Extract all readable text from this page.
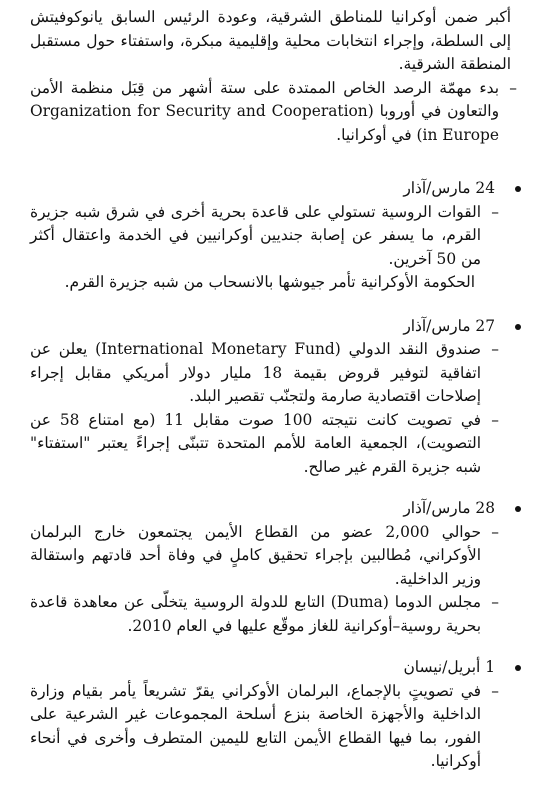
أكبر ضمن أوكرانيا للمناطق الشرقية، وعودة الرئيس السابق يانوكوفيتش إلى السلطة، وإجراء انتخابات محلية وإقليمية مبكرة، واستفتاء حول مستقبل المنطقة الشرقية.
–
بدء مهمّة الرصد الخاص الممتدة على ستة أشهر من قِبَل منظمة الأمن والتعاون في أوروبا (Organization for Security and Cooperation in Europe) في أوكرانيا.
24 مارس/آذار
–
القوات الروسية تستولي على قاعدة بحرية أخرى في شرق شبه جزيرة القرم، ما يسفر عن إصابة جنديين أوكرانيين في الخدمة واعتقال أكثر من 50 آخرين.
الحكومة الأوكرانية تأمر جيوشها بالانسحاب من شبه جزيرة القرم.
27 مارس/آذار
–
صندوق النقد الدولي (International Monetary Fund) يعلن عن اتفاقية لتوفير قروض بقيمة 18 مليار دولار أمريكي مقابل إجراء إصلاحات اقتصادية صارمة ولتجنّب تقصير البلد.
–
في تصويت كانت نتيجته 100 صوت مقابل 11 (مع امتناع 58 عن التصويت)، الجمعية العامة للأمم المتحدة تتبنّى إجراءً يعتبر "استفتاء" شبه جزيرة القرم غير صالح.
28 مارس/آذار
–
حوالي 2,000 عضو من القطاع الأيمن يجتمعون خارج البرلمان الأوكراني، مُطالبين بإجراء تحقيق كاملٍ في وفاة أحد قادتهم واستقالة وزير الداخلية.
–
مجلس الدوما (Duma) التابع للدولة الروسية يتخلّى عن معاهدة قاعدة بحرية روسية–أوكرانية للغاز موقّع عليها في العام 2010.
1 أبريل/نيسان
–
في تصويتٍ بالإجماع، البرلمان الأوكراني يقرّ تشريعاً يأمر بقيام وزارة الداخلية والأجهزة الخاصة بنزع أسلحة المجموعات غير الشرعية على الفور، بما فيها القطاع الأيمن التابع لليمين المتطرف وأخرى في أنحاء أوكرانيا.
